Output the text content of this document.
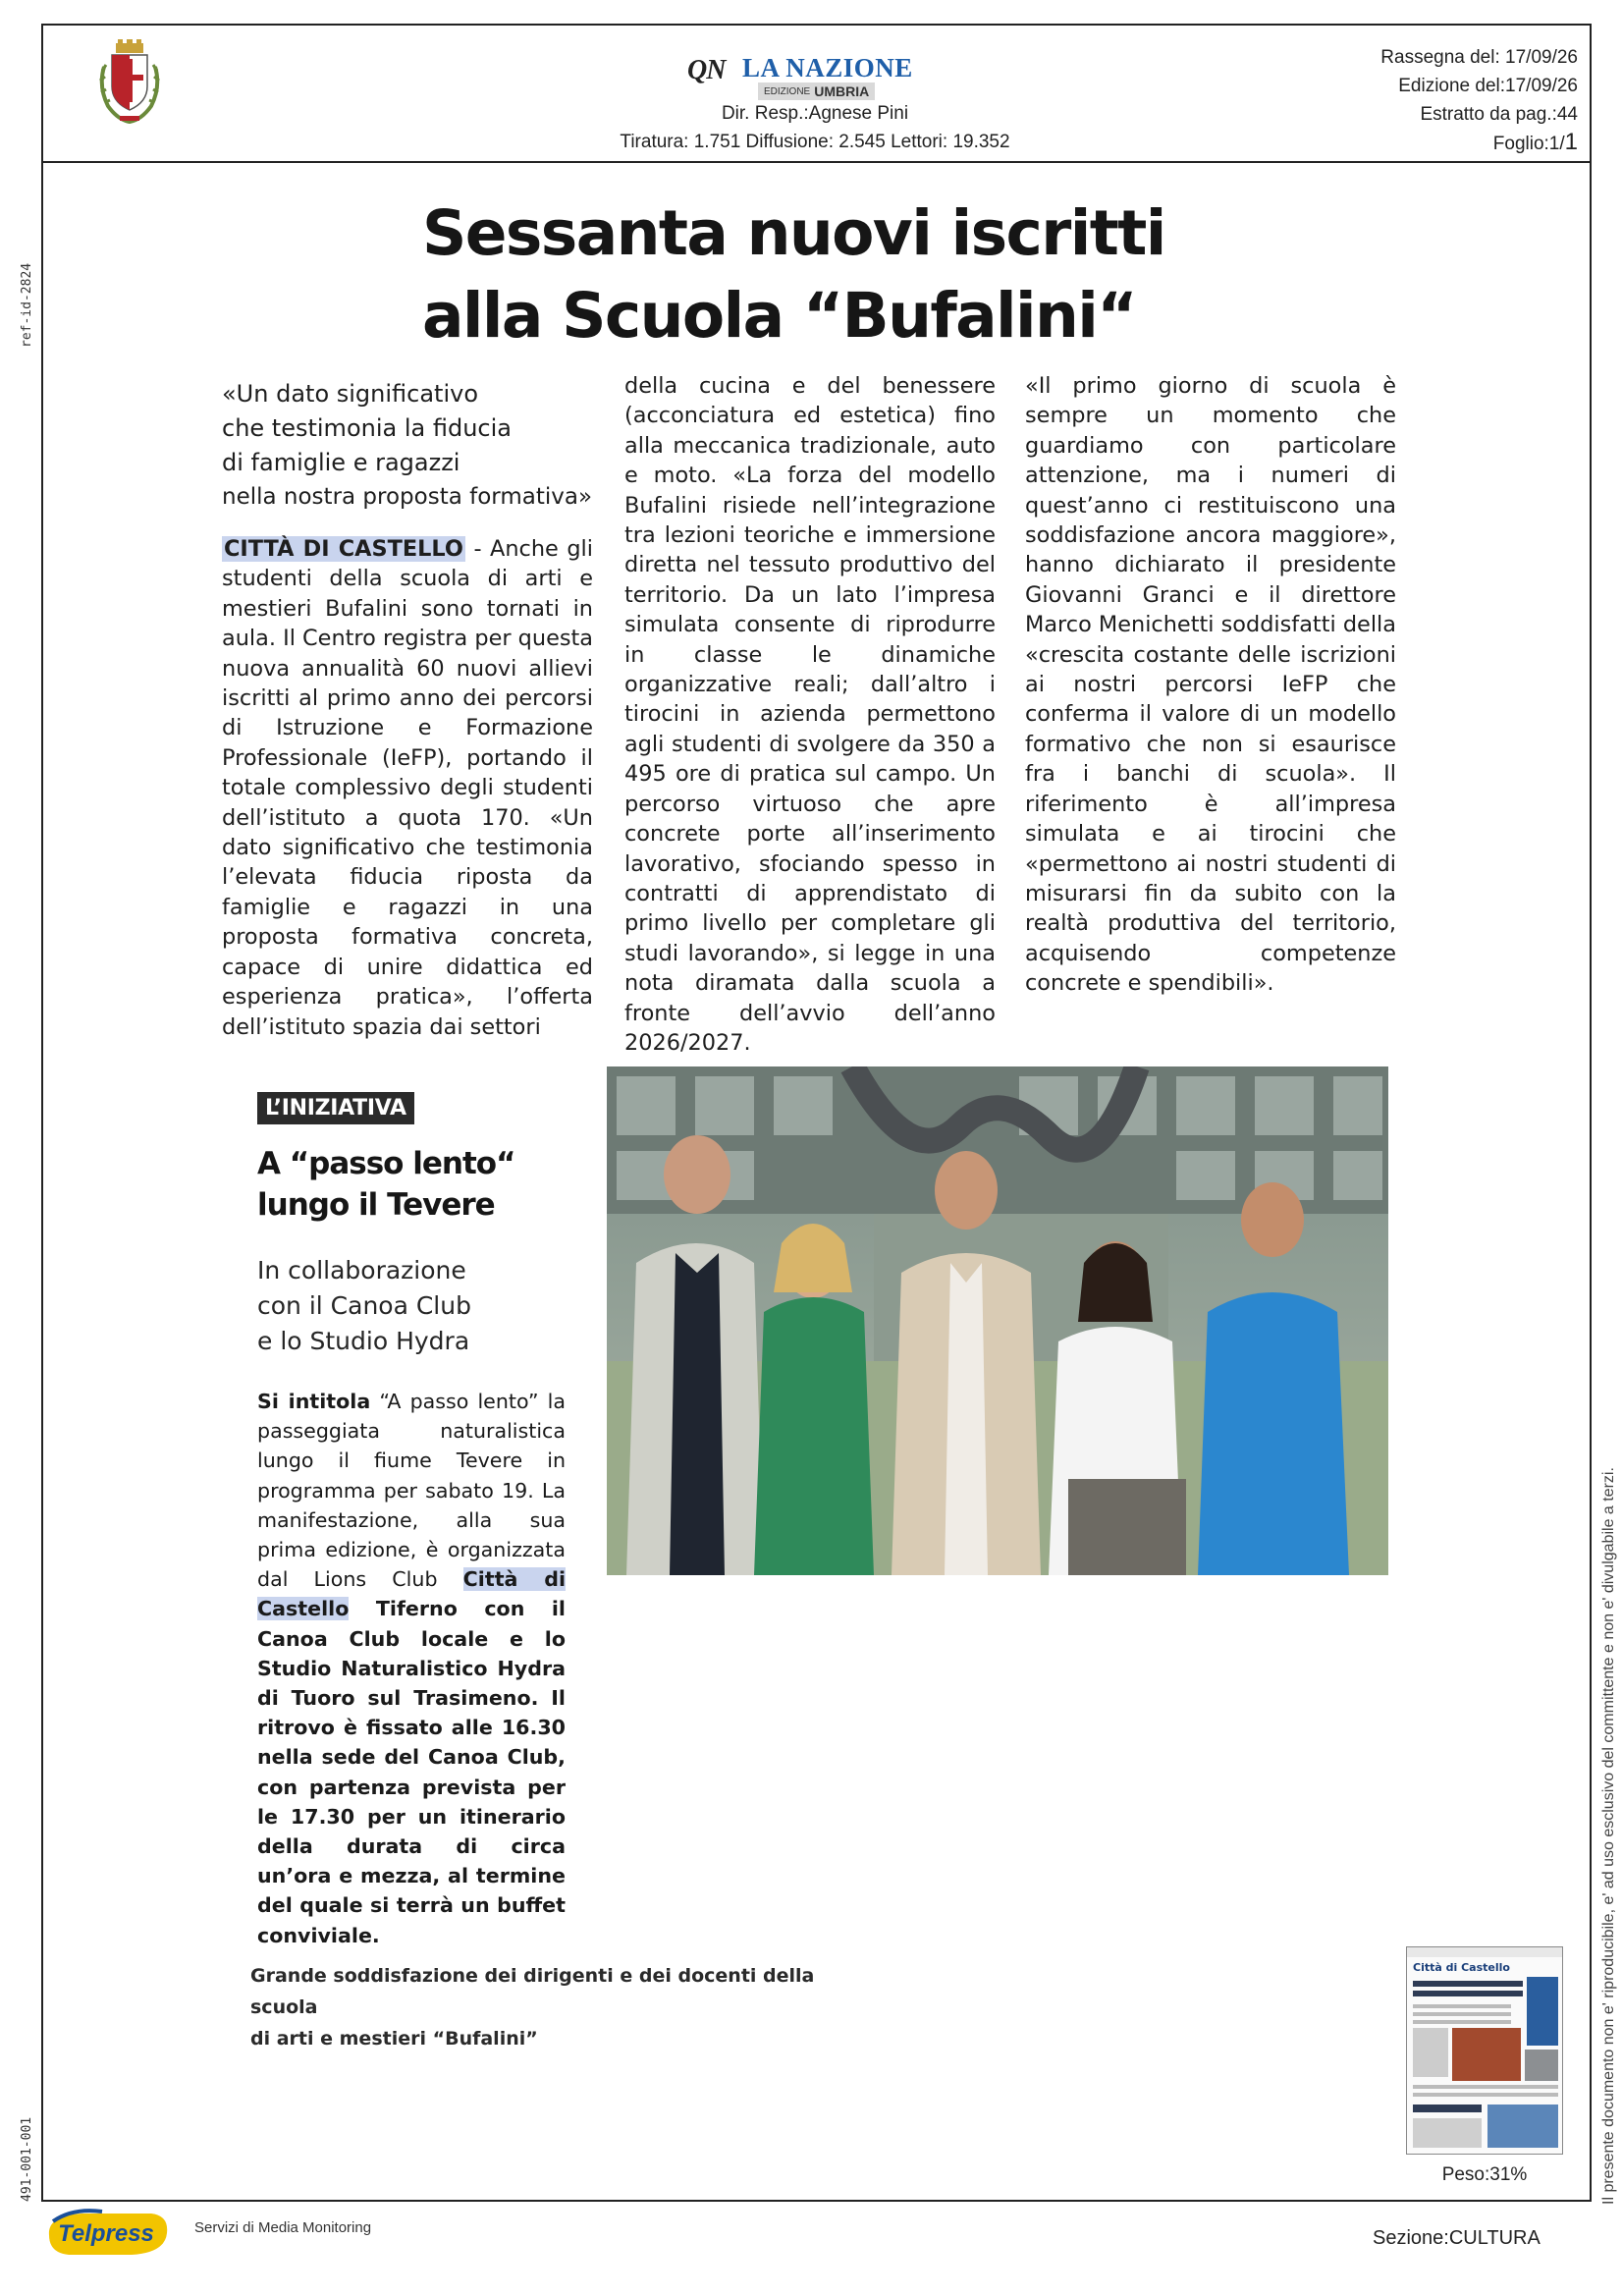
QN LA NAZIONE
EDIZIONE UMBRIA
Dir. Resp.:Agnese Pini
Tiratura: 1.751 Diffusione: 2.545 Lettori: 19.352
Rassegna del: 17/09/26
Edizione del:17/09/26
Estratto da pag.:44
Foglio:1/1
ref-id-2824
491-001-001	Il presente documento non e' riproducibile, e' ad uso esclusivo del committente e non e' divulgabile a terzi.
Sessanta nuovi iscritti
alla Scuola “Bufalini“
«Un dato significativo
che testimonia la fiducia
di famiglie e ragazzi
nella nostra proposta formativa»

CITTÀ DI CASTELLO - Anche gli studenti della scuola di arti e mestieri Bufalini sono tornati in aula. Il Centro registra per questa nuova annualità 60 nuovi allievi iscritti al primo anno dei percorsi di Istruzione e Formazione Professionale (IeFP), portando il totale complessivo degli studenti dell’istituto a quota 170. «Un dato significativo che testimonia l’elevata fiducia riposta da famiglie e ragazzi in una proposta formativa concreta, capace di unire didattica ed esperienza pratica», l’offerta dell’istituto spazia dai settori

della cucina e del benessere (acconciatura ed estetica) fino alla meccanica tradizionale, auto e moto. «La forza del modello Bufalini risiede nell’integrazione tra lezioni teoriche e immersione diretta nel tessuto produttivo del territorio. Da un lato l’impresa simulata consente di riprodurre in classe le dinamiche organizzative reali; dall’altro i tirocini in azienda permettono agli studenti di svolgere da 350 a 495 ore di pratica sul campo. Un percorso virtuoso che apre concrete porte all’inserimento lavorativo, sfociando spesso in contratti di apprendistato di primo livello per completare gli studi lavorando», si legge in una nota diramata dalla scuola a fronte dell’avvio dell’anno 2026/2027.

«Il primo giorno di scuola è sempre un momento che guardiamo con particolare attenzione, ma i numeri di quest’anno ci restituiscono una soddisfazione ancora maggiore», hanno dichiarato il presidente Giovanni Granci e il direttore Marco Menichetti soddisfatti della «crescita costante delle iscrizioni ai nostri percorsi IeFP che conferma il valore di un modello formativo che non si esaurisce fra i banchi di scuola». Il riferimento è all’impresa simulata e ai tirocini che «permettono ai nostri studenti di misurarsi fin da subito con la realtà produttiva del territorio, acquisendo competenze concrete e spendibili».

L’INIZIATIVA
A “passo lento“
lungo il Tevere
In collaborazione
con il Canoa Club
e lo Studio Hydra
Si intitola “A passo lento” la passeggiata naturalistica lungo il fiume Tevere in programma per sabato 19. La manifestazione, alla sua prima edizione, è organizzata dal Lions Club Città di Castello Tiferno con il Canoa Club locale e lo Studio Naturalistico Hydra di Tuoro sul Trasimeno. Il ritrovo è fissato alle 16.30 nella sede del Canoa Club, con partenza prevista per le 17.30 per un itinerario della durata di circa un’ora e mezza, al termine del quale si terrà un buffet conviviale.
Grande soddisfazione dei dirigenti e dei docenti della scuola
di arti e mestieri “Bufalini”
Città di Castello
Peso:31%
Telpress	Servizi di Media Monitoring	Sezione:CULTURA
